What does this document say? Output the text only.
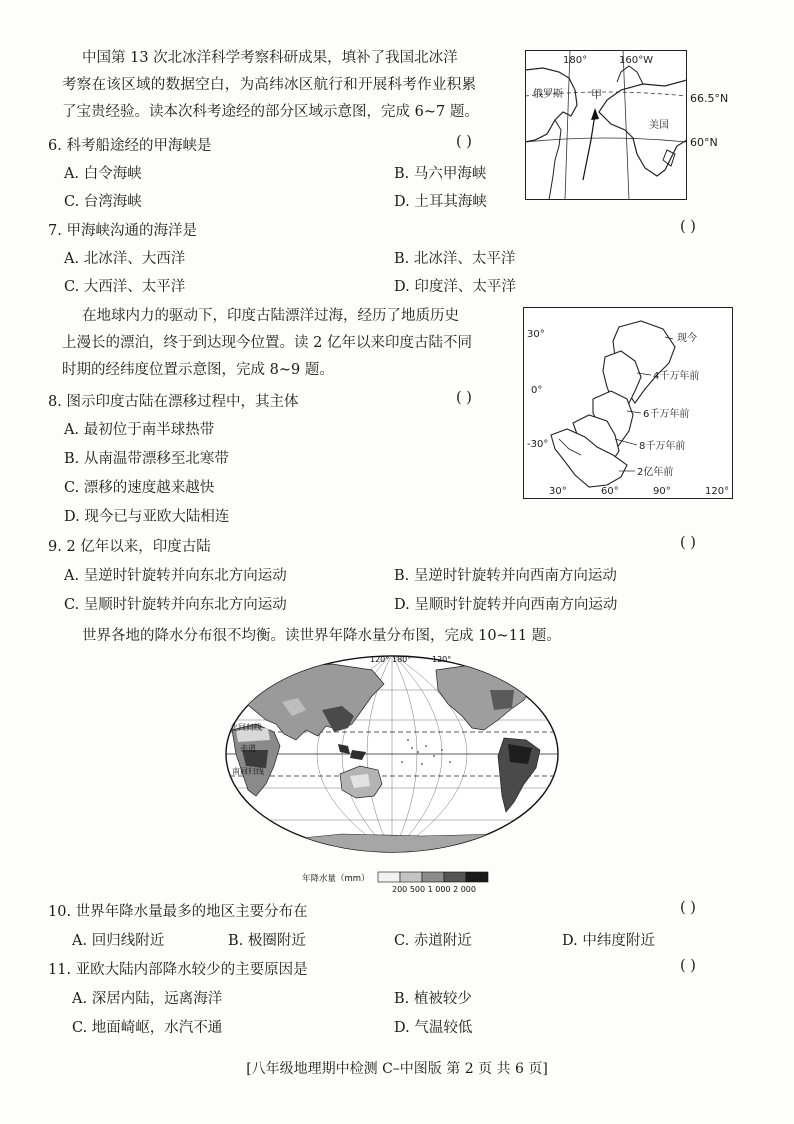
中国第 13 次北冰洋科学考察科研成果，填补了我国北冰洋
考察在该区域的数据空白，为高纬冰区航行和开展科考作业积累
了宝贵经验。读本次科考途经的部分区域示意图，完成 6~7 题。
180°	160°W
俄罗斯	甲
美国
66.5°N
60°N
6. 科考船途经的甲海峡是	( )
A. 白令海峡	B. 马六甲海峡
C. 台湾海峡	D. 土耳其海峡
7. 甲海峡沟通的海洋是	( )
A. 北冰洋、大西洋	B. 北冰洋、太平洋
C. 大西洋、太平洋	D. 印度洋、太平洋
在地球内力的驱动下，印度古陆漂洋过海，经历了地质历史
上漫长的漂泊，终于到达现今位置。读 2 亿年以来印度古陆不同
时期的经纬度位置示意图，完成 8~9 题。
现今
4千万年前
6千万年前
8千万年前
2亿年前
30°
0°
-30°
30°	60°	90°	120°
8. 图示印度古陆在漂移过程中，其主体	( )
A. 最初位于南半球热带
B. 从南温带漂移至北寒带
C. 漂移的速度越来越快
D. 现今已与亚欧大陆相连
9. 2 亿年以来，印度古陆	( )
A. 呈逆时针旋转并向东北方向运动	B. 呈逆时针旋转并向西南方向运动
C. 呈顺时针旋转并向东北方向运动	D. 呈顺时针旋转并向西南方向运动
世界各地的降水分布很不均衡。读世界年降水量分布图，完成 10~11 题。
120° 180°	120°
北回归线
赤道
南回归线
年降水量（mm）
200 500 1 000 2 000
10. 世界年降水量最多的地区主要分布在	( )
A. 回归线附近	B. 极圈附近	C. 赤道附近	D. 中纬度附近
11. 亚欧大陆内部降水较少的主要原因是	( )
A. 深居内陆，远离海洋	B. 植被较少
C. 地面崎岖，水汽不通	D. 气温较低
[八年级地理期中检测 C–中图版 第 2 页 共 6 页]
